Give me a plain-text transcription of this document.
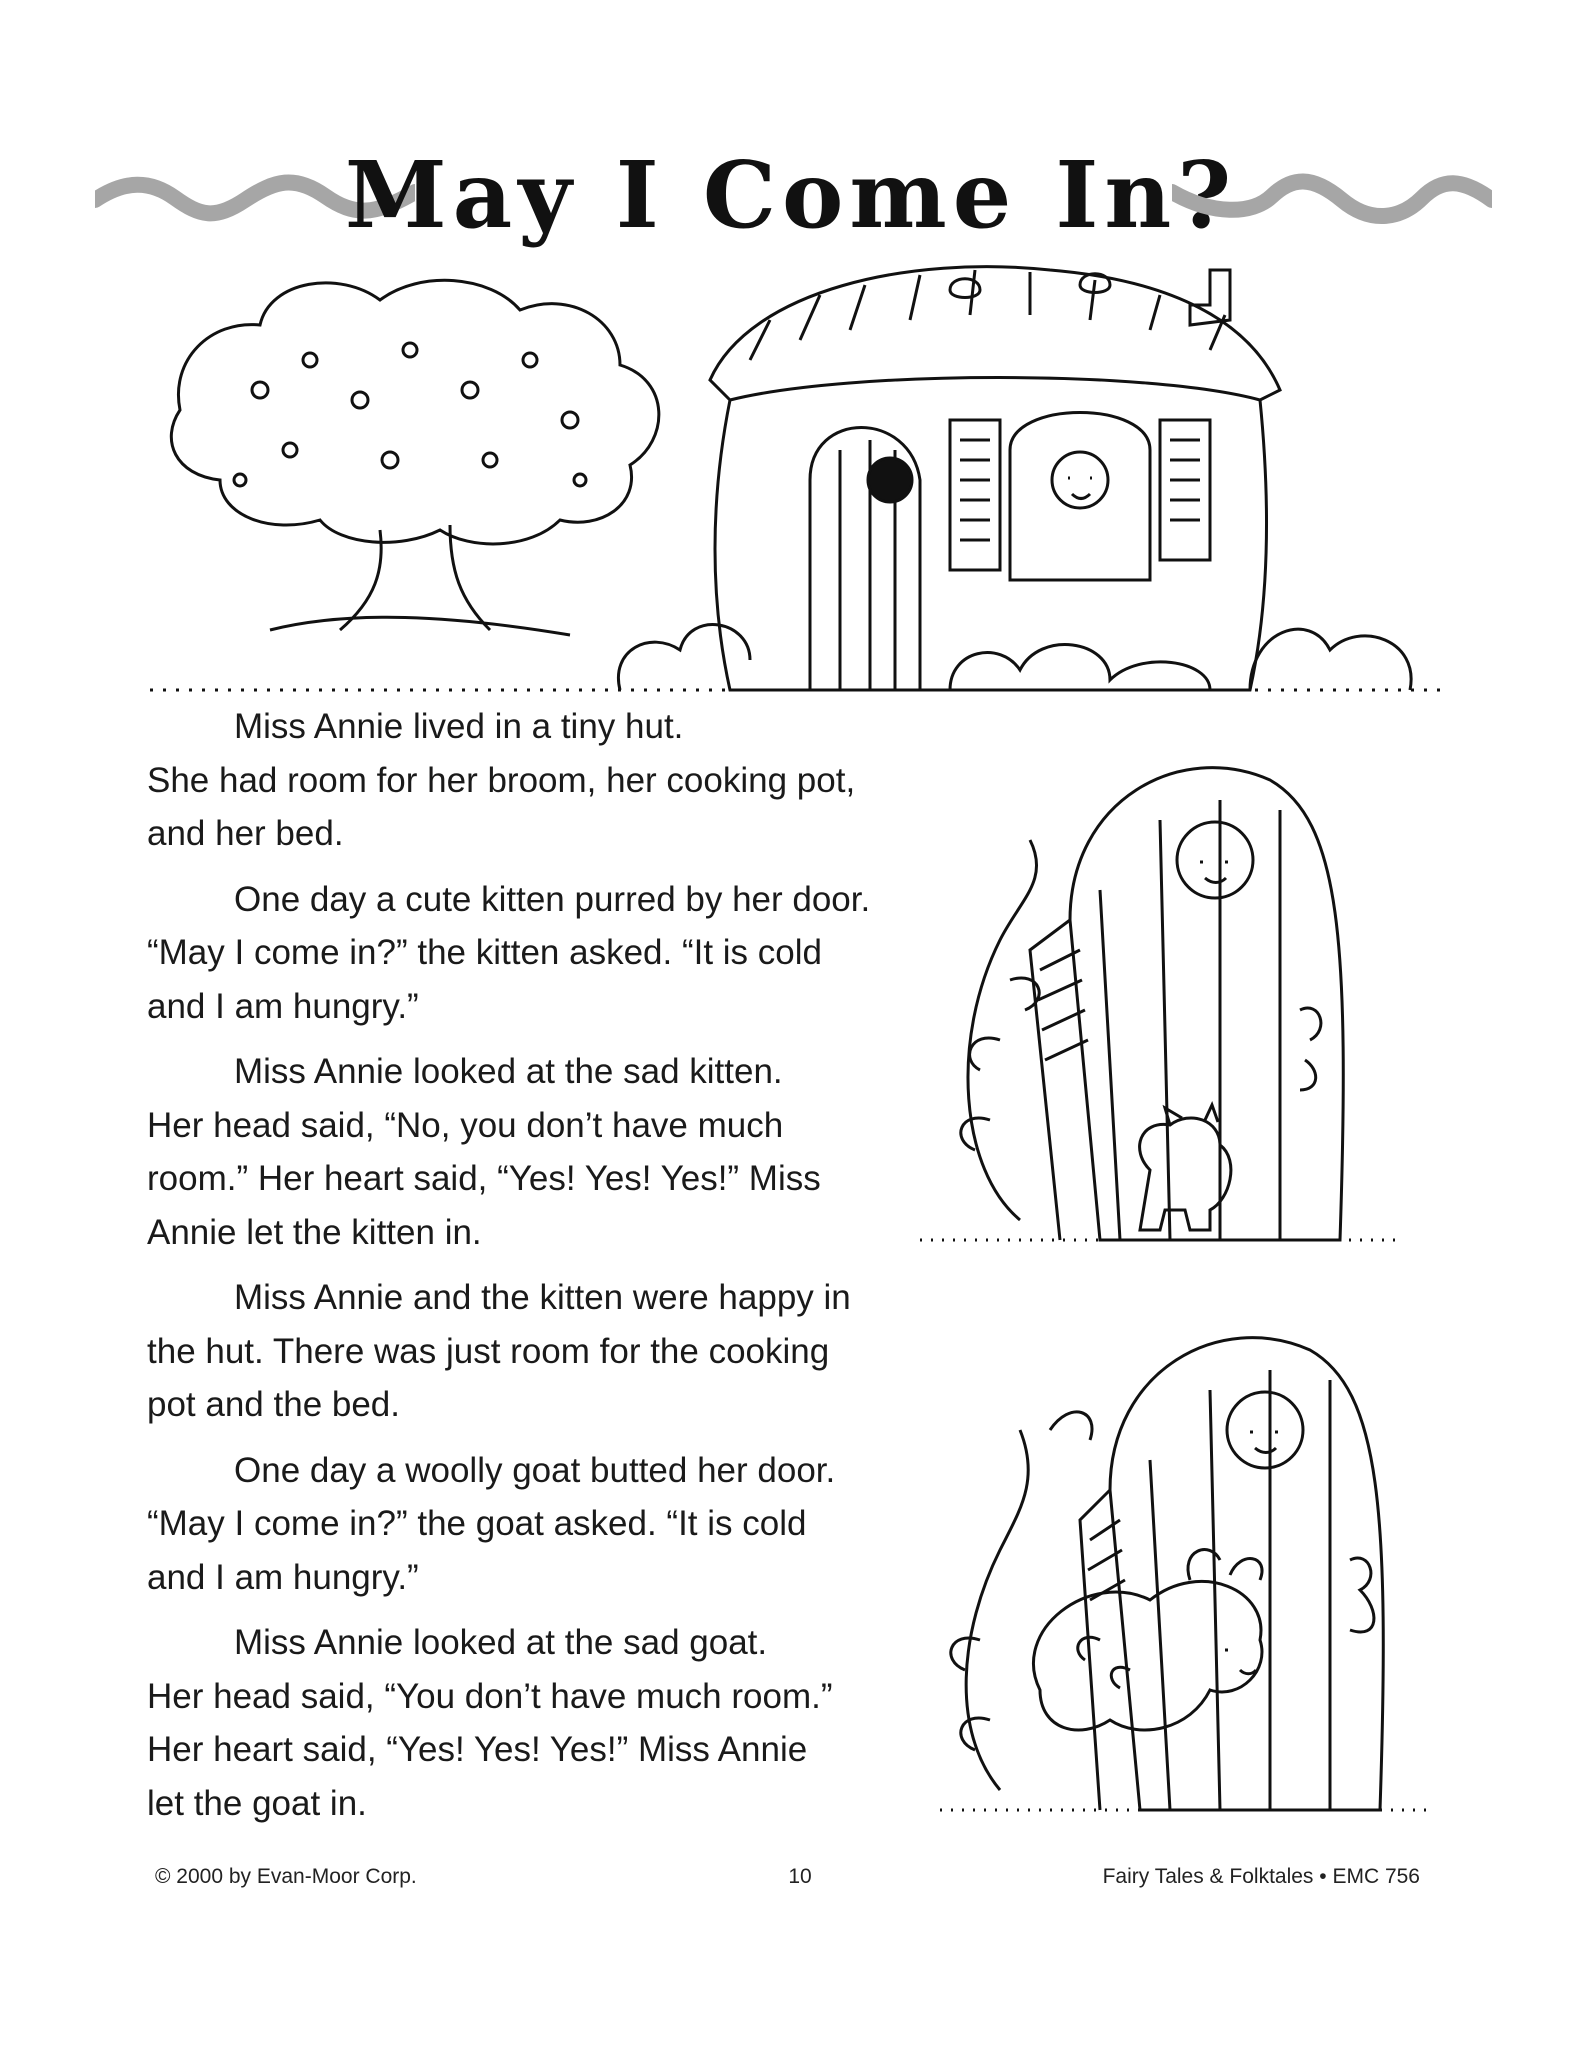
May I Come In?
Miss Annie lived in a tiny hut.
She had room for her broom, her cooking pot,
and her bed.
One day a cute kitten purred by her door.
“May I come in?” the kitten asked. “It is cold
and I am hungry.”
Miss Annie looked at the sad kitten.
Her head said, “No, you don’t have much
room.” Her heart said, “Yes! Yes! Yes!” Miss
Annie let the kitten in.
Miss Annie and the kitten were happy in
the hut. There was just room for the cooking
pot and the bed.
One day a woolly goat butted her door.
“May I come in?” the goat asked. “It is cold
and I am hungry.”
Miss Annie looked at the sad goat.
Her head said, “You don’t have much room.”
Her heart said, “Yes! Yes! Yes!” Miss Annie
let the goat in.
© 2000 by Evan-Moor Corp.	10	Fairy Tales & Folktales • EMC 756
